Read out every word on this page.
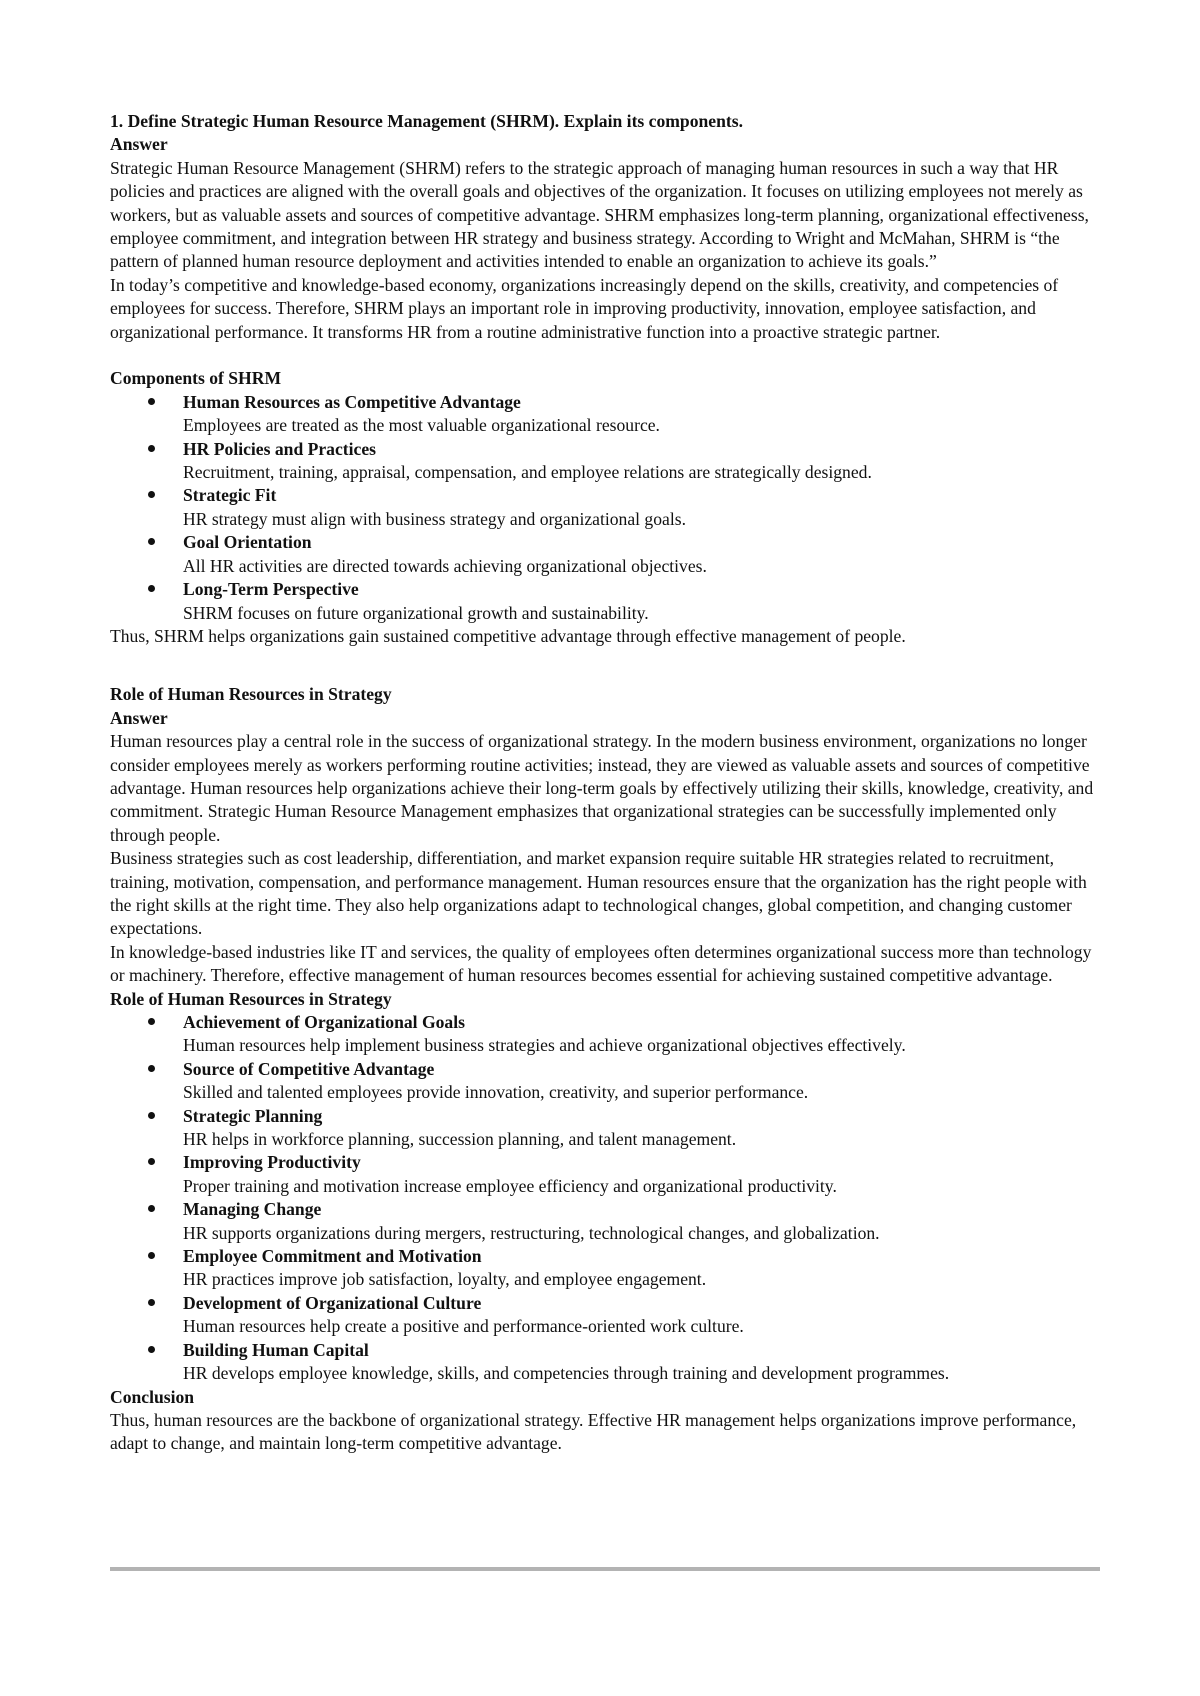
1. Define Strategic Human Resource Management (SHRM). Explain its components.

Answer

Strategic Human Resource Management (SHRM) refers to the strategic approach of managing human resources in such a way that HR policies and practices are aligned with the overall goals and objectives of the organization. It focuses on utilizing employees not merely as workers, but as valuable assets and sources of competitive advantage. SHRM emphasizes long-term planning, organizational effectiveness, employee commitment, and integration between HR strategy and business strategy. According to Wright and McMahan, SHRM is “the pattern of planned human resource deployment and activities intended to enable an organization to achieve its goals.”

In today’s competitive and knowledge-based economy, organizations increasingly depend on the skills, creativity, and competencies of employees for success. Therefore, SHRM plays an important role in improving productivity, innovation, employee satisfaction, and organizational performance. It transforms HR from a routine administrative function into a proactive strategic partner.

Components of SHRM

Human Resources as Competitive Advantage

Employees are treated as the most valuable organizational resource.

HR Policies and Practices

Recruitment, training, appraisal, compensation, and employee relations are strategically designed.

Strategic Fit

HR strategy must align with business strategy and organizational goals.

Goal Orientation

All HR activities are directed towards achieving organizational objectives.

Long-Term Perspective

SHRM focuses on future organizational growth and sustainability.

Thus, SHRM helps organizations gain sustained competitive advantage through effective management of people.

Role of Human Resources in Strategy

Answer

Human resources play a central role in the success of organizational strategy. In the modern business environment, organizations no longer consider employees merely as workers performing routine activities; instead, they are viewed as valuable assets and sources of competitive advantage. Human resources help organizations achieve their long-term goals by effectively utilizing their skills, knowledge, creativity, and commitment. Strategic Human Resource Management emphasizes that organizational strategies can be successfully implemented only through people.

Business strategies such as cost leadership, differentiation, and market expansion require suitable HR strategies related to recruitment, training, motivation, compensation, and performance management. Human resources ensure that the organization has the right people with the right skills at the right time. They also help organizations adapt to technological changes, global competition, and changing customer expectations.

In knowledge-based industries like IT and services, the quality of employees often determines organizational success more than technology or machinery. Therefore, effective management of human resources becomes essential for achieving sustained competitive advantage.

Role of Human Resources in Strategy

Achievement of Organizational Goals

Human resources help implement business strategies and achieve organizational objectives effectively.

Source of Competitive Advantage

Skilled and talented employees provide innovation, creativity, and superior performance.

Strategic Planning

HR helps in workforce planning, succession planning, and talent management.

Improving Productivity

Proper training and motivation increase employee efficiency and organizational productivity.

Managing Change

HR supports organizations during mergers, restructuring, technological changes, and globalization.

Employee Commitment and Motivation

HR practices improve job satisfaction, loyalty, and employee engagement.

Development of Organizational Culture

Human resources help create a positive and performance-oriented work culture.

Building Human Capital

HR develops employee knowledge, skills, and competencies through training and development programmes.

Conclusion

Thus, human resources are the backbone of organizational strategy. Effective HR management helps organizations improve performance, adapt to change, and maintain long-term competitive advantage.
